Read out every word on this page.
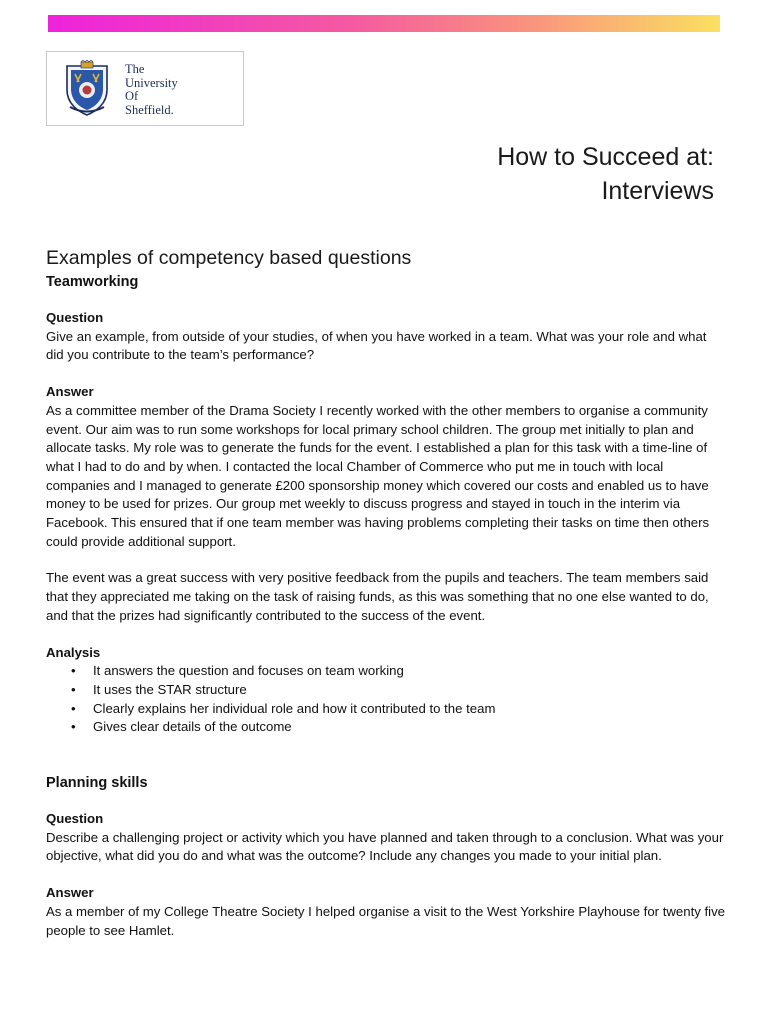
The
University
Of
Sheffield.
How to Succeed at:
Interviews

Examples of competency based questions

Teamworking

Question

Give an example, from outside of your studies, of when you have worked in a team. What was your role and what did you contribute to the team’s performance?

Answer

As a committee member of the Drama Society I recently worked with the other members to organise a community event. Our aim was to run some workshops for local primary school children. The group met initially to plan and allocate tasks. My role was to generate the funds for the event. I established a plan for this task with a time-line of what I had to do and by when. I contacted the local Chamber of Commerce who put me in touch with local companies and I managed to generate £200 sponsorship money which covered our costs and enabled us to have money to be used for prizes. Our group met weekly to discuss progress and stayed in touch in the interim via Facebook. This ensured that if one team member was having problems completing their tasks on time then others could provide additional support.

The event was a great success with very positive feedback from the pupils and teachers. The team members said that they appreciated me taking on the task of raising funds, as this was something that no one else wanted to do, and that the prizes had significantly contributed to the success of the event.

Analysis

• It answers the question and focuses on team working
• It uses the STAR structure
• Clearly explains her individual role and how it contributed to the team
• Gives clear details of the outcome

Planning skills

Question

Describe a challenging project or activity which you have planned and taken through to a conclusion. What was your objective, what did you do and what was the outcome? Include any changes you made to your initial plan.

Answer

As a member of my College Theatre Society I helped organise a visit to the West Yorkshire Playhouse for twenty five people to see Hamlet.
